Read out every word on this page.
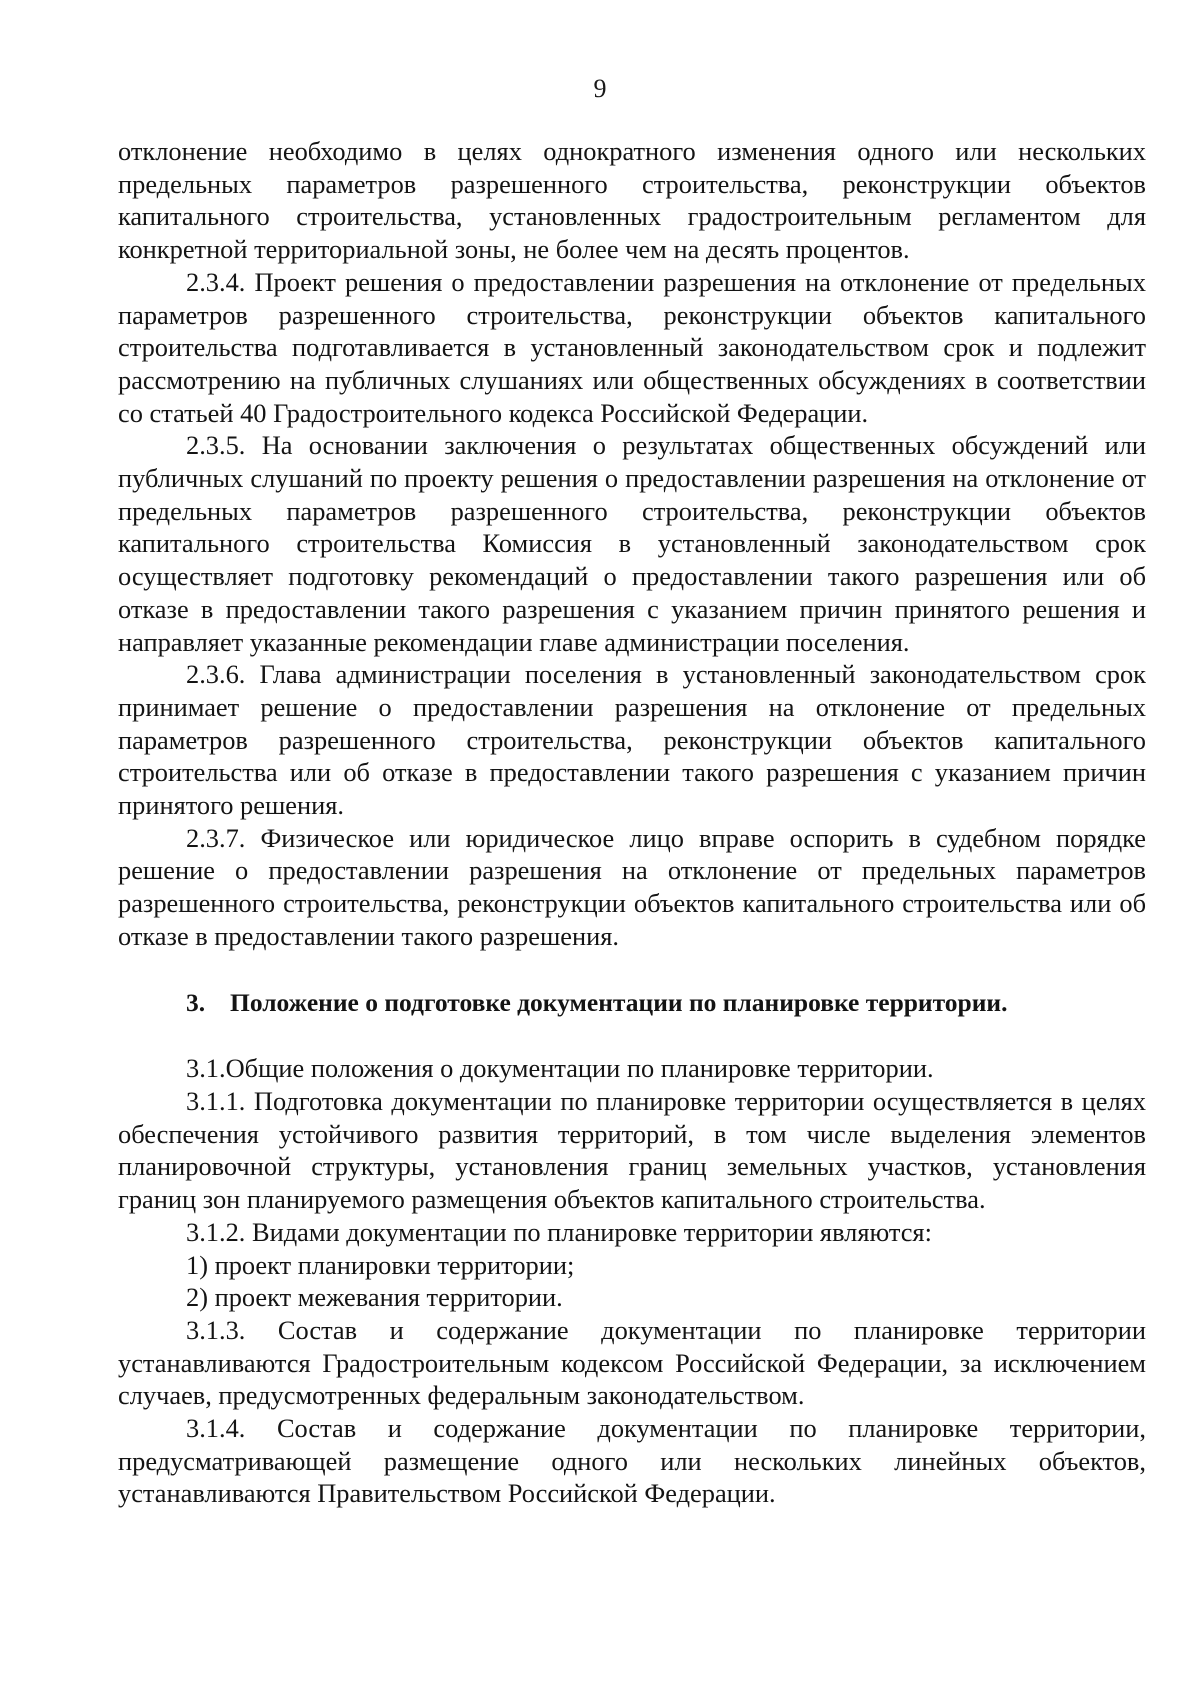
9

отклонение необходимо в целях однократного изменения одного или нескольких предельных параметров разрешенного строительства, реконструкции объектов капитального строительства, установленных градостроительным регламентом для конкретной территориальной зоны, не более чем на десять процентов.

2.3.4. Проект решения о предоставлении разрешения на отклонение от предельных параметров разрешенного строительства, реконструкции объектов капитального строительства подготавливается в установленный законодательством срок и подлежит рассмотрению на публичных слушаниях или общественных обсуждениях в соответствии со статьей 40 Градостроительного кодекса Российской Федерации.

2.3.5. На основании заключения о результатах общественных обсуждений или публичных слушаний по проекту решения о предоставлении разрешения на отклонение от предельных параметров разрешенного строительства, реконструкции объектов капитального строительства Комиссия в установленный законодательством срок осуществляет подготовку рекомендаций о предоставлении такого разрешения или об отказе в предоставлении такого разрешения с указанием причин принятого решения и направляет указанные рекомендации главе администрации поселения.

2.3.6. Глава администрации поселения в установленный законодательством срок принимает решение о предоставлении разрешения на отклонение от предельных параметров разрешенного строительства, реконструкции объектов капитального строительства или об отказе в предоставлении такого разрешения с указанием причин принятого решения.

2.3.7. Физическое или юридическое лицо вправе оспорить в судебном порядке решение о предоставлении разрешения на отклонение от предельных параметров разрешенного строительства, реконструкции объектов капитального строительства или об отказе в предоставлении такого разрешения.

3. Положение о подготовке документации по планировке территории.

3.1.Общие положения о документации по планировке территории.

3.1.1. Подготовка документации по планировке территории осуществляется в целях обеспечения устойчивого развития территорий, в том числе выделения элементов планировочной структуры, установления границ земельных участков, установления границ зон планируемого размещения объектов капитального строительства.

3.1.2. Видами документации по планировке территории являются:

1) проект планировки территории;

2) проект межевания территории.

3.1.3. Состав и содержание документации по планировке территории устанавливаются Градостроительным кодексом Российской Федерации, за исключением случаев, предусмотренных федеральным законодательством.

3.1.4. Состав и содержание документации по планировке территории, предусматривающей размещение одного или нескольких линейных объектов, устанавливаются Правительством Российской Федерации.
